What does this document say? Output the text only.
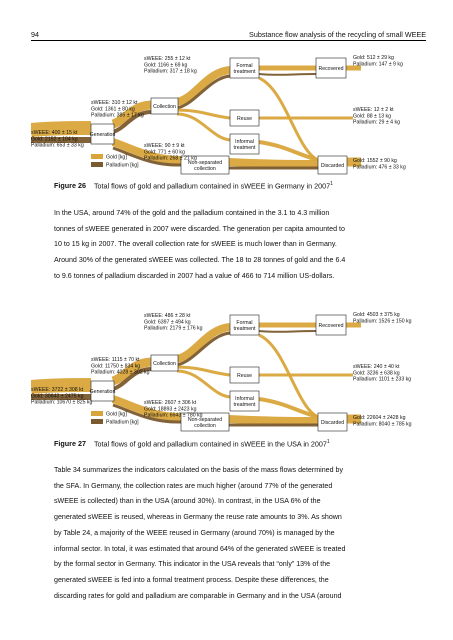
94	Substance flow analysis of the recycling of small WEEE
Formal
treatment	Recovered
Collection
Reuse
Informal
treatment
Generation
Non-separated
collection	Discarded
sWEEE: 255 ± 12 kt
Gold: 1166 ± 69 kg
Palladium: 317 ± 18 kg
sWEEE: 310 ± 12 kt
Gold: 1361 ± 80 kg
Palladium: 385 ± 17 kg
sWEEE: 400 ± 15 kt
Gold: 2152 ± 104 kg
Palladium: 653 ± 33 kg	sWEEE: 90 ± 9 kt
Gold: 771 ± 60 kg
Palladium: 268 ± 21 kg
Gold: 512 ± 29 kg
Palladium: 147 ± 9 kg
sWEEE: 12 ± 2 kt
Gold: 88 ± 13 kg
Palladium: 29 ± 4 kg
Gold: 1552 ± 90 kg
Palladium: 476 ± 33 kg
Gold [kg]
Palladium [kg]
Figure 26 Total flows of gold and palladium contained in sWEEE in Germany in 2007$^1$

In the USA, around 74% of the gold and the palladium contained in the 3.1 to 4.3 million
tonnes of sWEEE generated in 2007 were discarded. The generation per capita amounted to
10 to 15 kg in 2007. The overall collection rate for sWEEE is much lower than in Germany.
Around 30% of the generated sWEEE was collected. The 18 to 28 tonnes of gold and the 6.4
to 9.6 tonnes of palladium discarded in 2007 had a value of 466 to 714 million US-dollars.

Formal
treatment	Recovered
Collection
Reuse
Informal
treatment
Generation
Non-separated
collection	Discarded
sWEEE: 486 ± 28 kt
Gold: 6397 ± 494 kg
Palladium: 2179 ± 176 kg
sWEEE: 1115 ± 70 kt
Gold: 11750 ± 834 kg
Palladium: 4028 ± 302 kg
sWEEE: 3722 ± 308 kt
Gold: 30643 ± 2475 kg
Palladium: 10670 ± 825 kg	sWEEE: 2607 ± 306 kt
Gold: 18893 ± 2423 kg
Palladium: 6643 ± 780 kg
Gold: 4503 ± 375 kg
Palladium: 1526 ± 150 kg
sWEEE: 240 ± 40 kt
Gold: 3236 ± 638 kg
Palladium: 1101 ± 233 kg
Gold: 22604 ± 2428 kg
Palladium: 8040 ± 785 kg
Gold [kg]
Palladium [kg]
Figure 27 Total flows of gold and palladium contained in sWEEE in the USA in 2007$^1$

Table 34 summarizes the indicators calculated on the basis of the mass flows determined by
the SFA. In Germany, the collection rates are much higher (around 77% of the generated
sWEEE is collected) than in the USA (around 30%). In contrast, in the USA 6% of the
generated sWEEE is reused, whereas in Germany the reuse rate amounts to 3%. As shown
by Table 24, a majority of the WEEE reused in Germany (around 70%) is managed by the
informal sector. In total, it was estimated that around 64% of the generated sWEEE is treated
by the formal sector in Germany. This indicator in the USA reveals that “only” 13% of the
generated sWEEE is fed into a formal treatment process. Despite these differences, the
discarding rates for gold and palladium are comparable in Germany and in the USA (around
